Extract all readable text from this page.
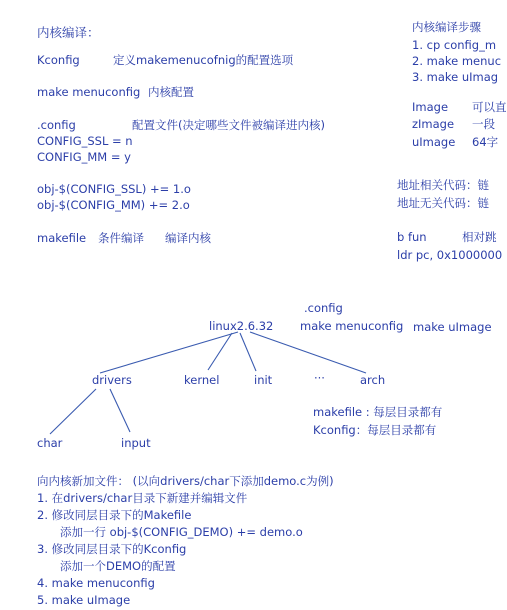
内核编译：
Kconfig	定义makemenucofnig的配置选项
make menuconfig 内核配置
.config	配置文件(决定哪些文件被编译进内核)
CONFIG_SSL = n
CONFIG_MM = y
obj-$(CONFIG_SSL) += 1.o
obj-$(CONFIG_MM) += 2.o
makefile 条件编译 编译内核
内核编译步骤
1. cp config_m
2. make menuc
3. make uImag
Image 可以直
zImage 一段
uImage 64字
地址相关代码：链
地址无关代码：链
b fun	相对跳
ldr pc, 0x1000000
.config
make menuconfig make uImage
linux2.6.32
drivers	kernel	init	···	arch
char	input
makefile : 每层目录都有
Kconfig：每层目录都有
向内核新加文件： (以向drivers/char下添加demo.c为例)
1. 在drivers/char目录下新建并编辑文件
2. 修改同层目录下的Makefile
添加一行 obj-$(CONFIG_DEMO) += demo.o
3. 修改同层目录下的Kconfig
添加一个DEMO的配置
4. make menuconfig
5. make uImage
